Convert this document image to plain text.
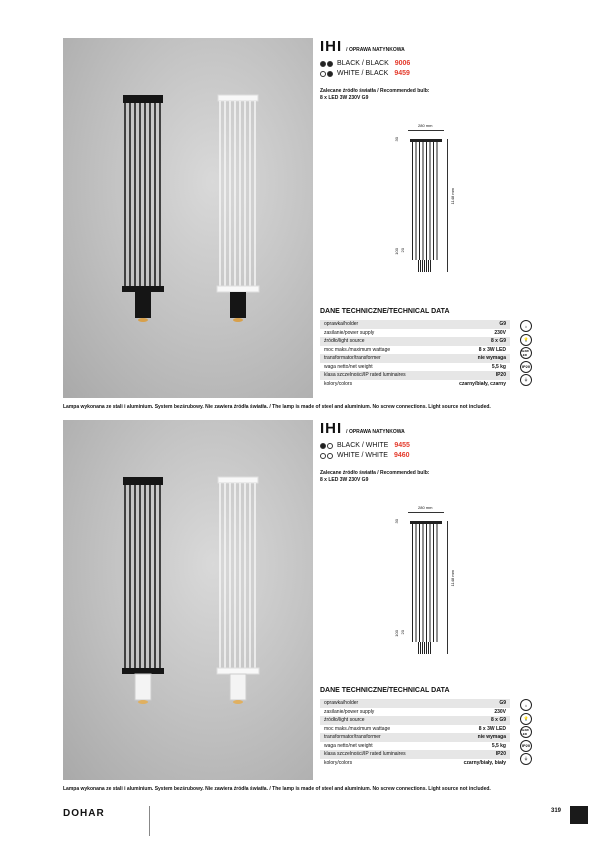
IHI / OPRAWA NATYNKOWA
BLACK / BLACK 9006
WHITE / BLACK 9459
Zalecane źródło światła / Recommended bulb:
8 x LED 3W 230V G9
280 mm
30
100 20
1148 mm
DANE TECHNICZNE/TECHNICAL DATA
oprawka/holder	G9
zasilanie/power supply	230V
źródło/light source	8 x G9
moc maks./maximum wattage	8 x 3W LED
transformator/transformer	nie wymaga
waga netto/net weight	5,5 kg
klasa szczelności/IP rated luminaires	IP20
kolory/colors	czarny/biały, czarny
⌂
💡
8x3W LED
IP20
⏚
Lampa wykonana ze stali i aluminium. System bezśrubowy. Nie zawiera źródła światła. / The lamp is made of steel and aluminium. No screw connections. Light source not included.
IHI / OPRAWA NATYNKOWA
BLACK / WHITE 9455
WHITE / WHITE 9460
Zalecane źródło światła / Recommended bulb:
8 x LED 3W 230V G9
280 mm
30
100 20
1148 mm
DANE TECHNICZNE/TECHNICAL DATA
oprawka/holder	G9
zasilanie/power supply	230V
źródło/light source	8 x G9
moc maks./maximum wattage	8 x 3W LED
transformator/transformer	nie wymaga
waga netto/net weight	5,5 kg
klasa szczelności/IP rated luminaires	IP20
kolory/colors	czarny/biały, biały
⌂
💡
8x3W LED
IP20
⏚
Lampa wykonana ze stali i aluminium. System bezśrubowy. Nie zawiera źródła światła. / The lamp is made of steel and aluminium. No screw connections. Light source not included.
DOHAR	319
